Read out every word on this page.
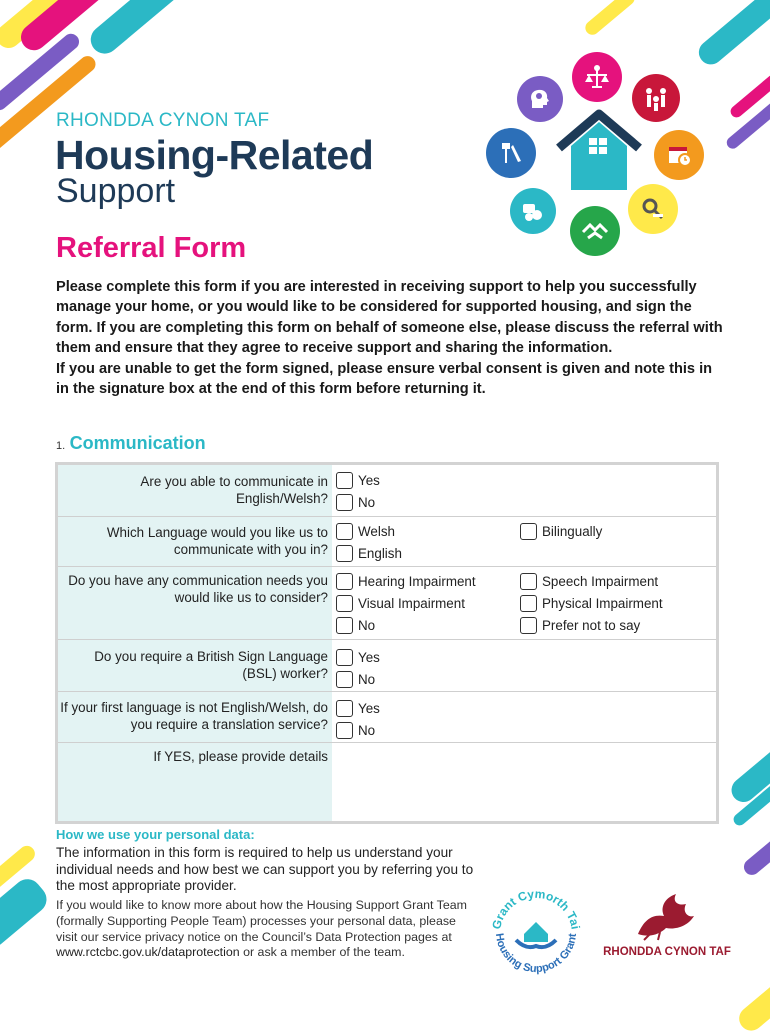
RHONDDA CYNON TAF
Housing-Related
Support
Referral Form

Please complete this form if you are interested in receiving support to help you successfully manage your home, or you would like to be considered for supported housing, and sign the form. If you are completing this form on behalf of someone else, please discuss the referral with them and ensure that they agree to receive support and sharing the information.

If you are unable to get the form signed, please ensure verbal consent is given and note this in in the signature box at the end of this form before returning it.

1. Communication
Are you able to communicate in English/Welsh?
Yes
No
Which Language would you like us to communicate with you in?
Welsh
English
Bilingually
Do you have any communication needs you would like us to consider?
Hearing Impairment
Visual Impairment
No
Speech Impairment
Physical Impairment
Prefer not to say
Do you require a British Sign Language (BSL) worker?
Yes
No
If your first language is not English/Welsh, do you require a translation service?
Yes
No
If YES, please provide details
How we use your personal data:
The information in this form is required to help us understand your individual needs and how best we can support you by referring you to the most appropriate provider.
If you would like to know more about how the Housing Support Grant Team (formally Supporting People Team) processes your personal data, please visit our service privacy notice on the Council’s Data Protection pages at www.rctcbc.gov.uk/dataprotection or ask a member of the team.
Grant Cymorth Tai
Housing Support Grant
RHONDDA CYNON TAF
